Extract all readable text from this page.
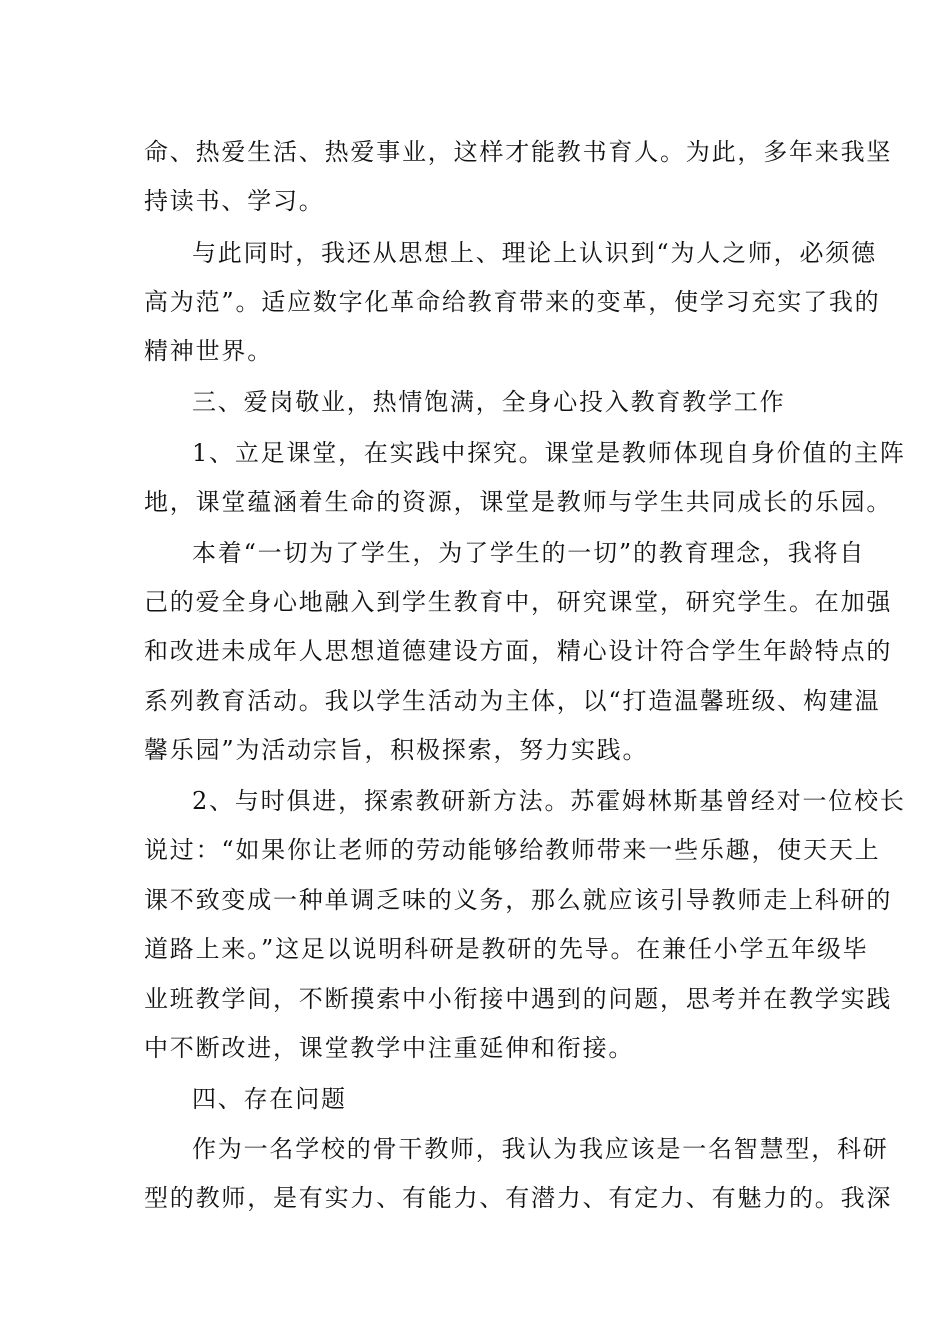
命、热爱生活、热爱事业，这样才能教书育人。为此，多年来我坚
持读书、学习。
与此同时，我还从思想上、理论上认识到“为人之师，必须德
高为范”。适应数字化革命给教育带来的变革，使学习充实了我的
精神世界。
三、爱岗敬业，热情饱满，全身心投入教育教学工作
1、立足课堂，在实践中探究。课堂是教师体现自身价值的主阵
地，课堂蕴涵着生命的资源，课堂是教师与学生共同成长的乐园。
本着“一切为了学生，为了学生的一切”的教育理念，我将自
己的爱全身心地融入到学生教育中，研究课堂，研究学生。在加强
和改进未成年人思想道德建设方面，精心设计符合学生年龄特点的
系列教育活动。我以学生活动为主体，以“打造温馨班级、构建温
馨乐园”为活动宗旨，积极探索，努力实践。
2、与时俱进，探索教研新方法。苏霍姆林斯基曾经对一位校长
说过：“如果你让老师的劳动能够给教师带来一些乐趣，使天天上
课不致变成一种单调乏味的义务，那么就应该引导教师走上科研的
道路上来。”这足以说明科研是教研的先导。在兼任小学五年级毕
业班教学间，不断摸索中小衔接中遇到的问题，思考并在教学实践
中不断改进，课堂教学中注重延伸和衔接。
四、存在问题
作为一名学校的骨干教师，我认为我应该是一名智慧型，科研
型的教师，是有实力、有能力、有潜力、有定力、有魅力的。我深
